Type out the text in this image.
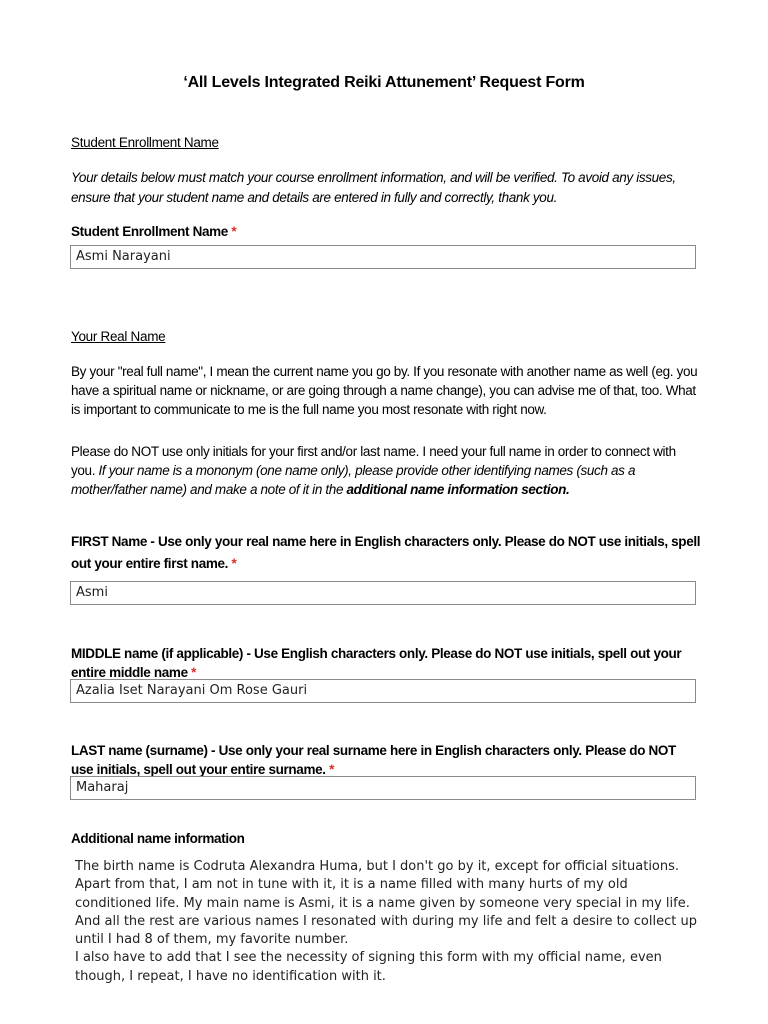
‘All Levels Integrated Reiki Attunement’ Request Form
Student Enrollment Name
Your details below must match your course enrollment information, and will be verified. To avoid any issues, ensure that your student name and details are entered in fully and correctly, thank you.
Student Enrollment Name *
Asmi Narayani
Your Real Name
By your "real full name", I mean the current name you go by. If you resonate with another name as well (eg. you have a spiritual name or nickname, or are going through a name change), you can advise me of that, too. What is important to communicate to me is the full name you most resonate with right now.
Please do NOT use only initials for your first and/or last name. I need your full name in order to connect with you. If your name is a mononym (one name only), please provide other identifying names (such as a mother/father name) and make a note of it in the additional name information section.
FIRST Name - Use only your real name here in English characters only. Please do NOT use initials, spell out your entire first name. *
Asmi
MIDDLE name (if applicable) - Use English characters only. Please do NOT use initials, spell out your entire middle name *
Azalia Iset Narayani Om Rose Gauri
LAST name (surname) - Use only your real surname here in English characters only. Please do NOT use initials, spell out your entire surname. *
Maharaj
Additional name information

The birth name is Codruta Alexandra Huma, but I don't go by it, except for official situations. Apart from that, I am not in tune with it, it is a name filled with many hurts of my old conditioned life. My main name is Asmi, it is a name given by someone very special in my life. And all the rest are various names I resonated with during my life and felt a desire to collect up until I had 8 of them, my favorite number.

I also have to add that I see the necessity of signing this form with my official name, even though, I repeat, I have no identification with it.
